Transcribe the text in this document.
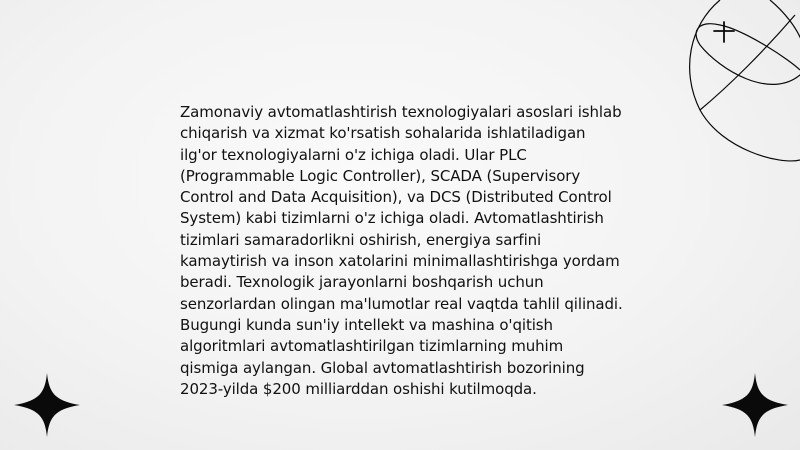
Zamonaviy avtomatlashtirish texnologiyalari asoslari ishlab chiqarish va xizmat ko'rsatish sohalarida ishlatiladigan ilg'or texnologiyalarni o'z ichiga oladi. Ular PLC (Programmable Logic Controller), SCADA (Supervisory Control and Data Acquisition), va DCS (Distributed Control System) kabi tizimlarni o'z ichiga oladi. Avtomatlashtirish tizimlari samaradorlikni oshirish, energiya sarfini kamaytirish va inson xatolarini minimallashtirishga yordam beradi. Texnologik jarayonlarni boshqarish uchun senzorlardan olingan ma'lumotlar real vaqtda tahlil qilinadi. Bugungi kunda sun'iy intellekt va mashina o'qitish algoritmlari avtomatlashtirilgan tizimlarning muhim qismiga aylangan. Global avtomatlashtirish bozorining 2023-yilda $200 milliarddan oshishi kutilmoqda.
